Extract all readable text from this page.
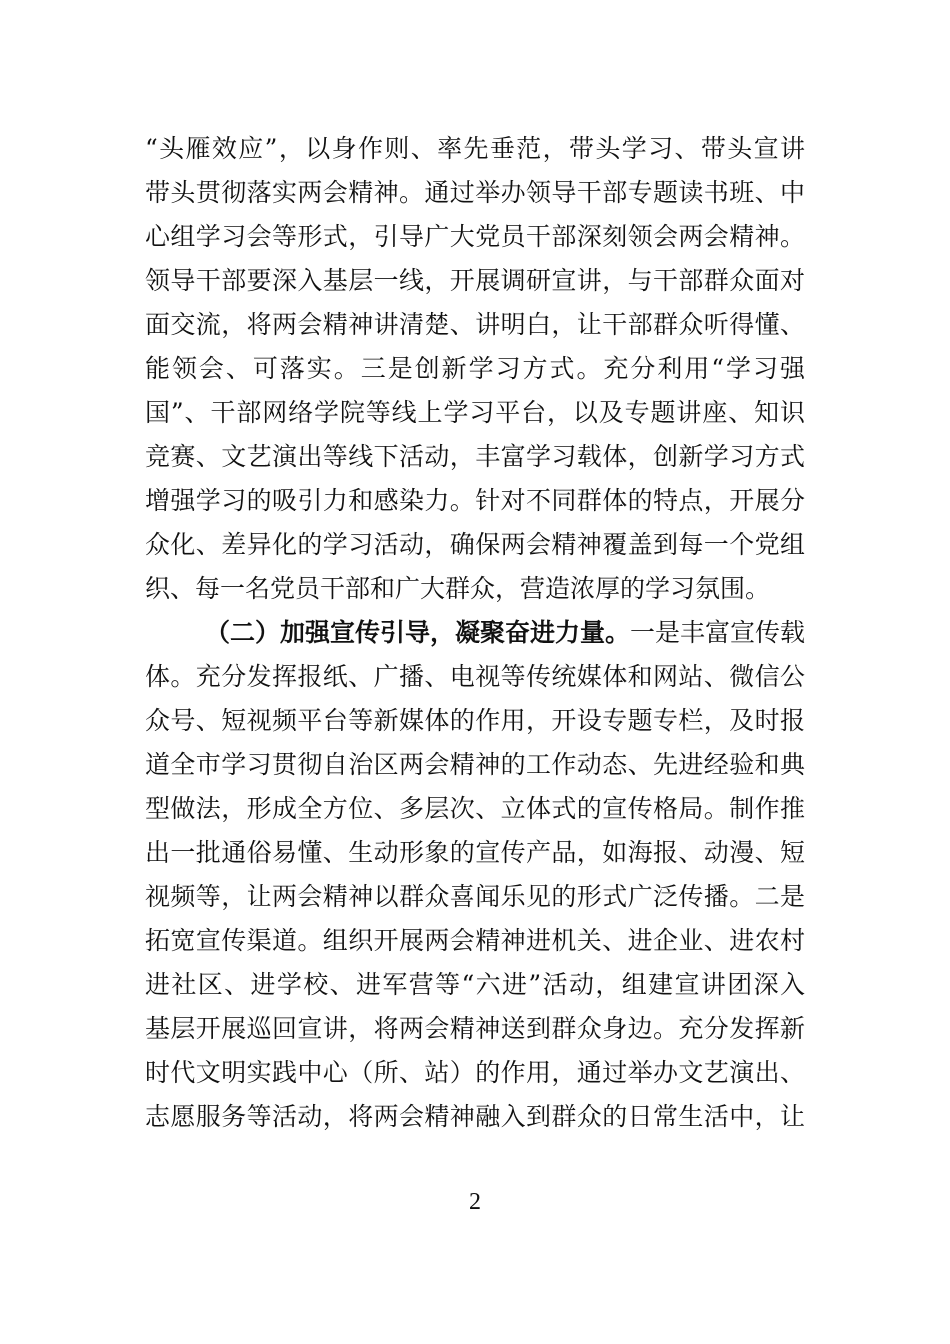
“头雁效应”，以身作则、率先垂范，带头学习、带头宣讲
带头贯彻落实两会精神。通过举办领导干部专题读书班、中
心组学习会等形式，引导广大党员干部深刻领会两会精神。
领导干部要深入基层一线，开展调研宣讲，与干部群众面对
面交流，将两会精神讲清楚、讲明白，让干部群众听得懂、
能领会、可落实。三是创新学习方式。充分利用“学习强
国”、干部网络学院等线上学习平台，以及专题讲座、知识
竞赛、文艺演出等线下活动，丰富学习载体，创新学习方式
增强学习的吸引力和感染力。针对不同群体的特点，开展分
众化、差异化的学习活动，确保两会精神覆盖到每一个党组
织、每一名党员干部和广大群众，营造浓厚的学习氛围。
（二）加强宣传引导，凝聚奋进力量。一是丰富宣传载
体。充分发挥报纸、广播、电视等传统媒体和网站、微信公
众号、短视频平台等新媒体的作用，开设专题专栏，及时报
道全市学习贯彻自治区两会精神的工作动态、先进经验和典
型做法，形成全方位、多层次、立体式的宣传格局。制作推
出一批通俗易懂、生动形象的宣传产品，如海报、动漫、短
视频等，让两会精神以群众喜闻乐见的形式广泛传播。二是
拓宽宣传渠道。组织开展两会精神进机关、进企业、进农村
进社区、进学校、进军营等“六进”活动，组建宣讲团深入
基层开展巡回宣讲，将两会精神送到群众身边。充分发挥新
时代文明实践中心（所、站）的作用，通过举办文艺演出、
志愿服务等活动，将两会精神融入到群众的日常生活中，让
2
